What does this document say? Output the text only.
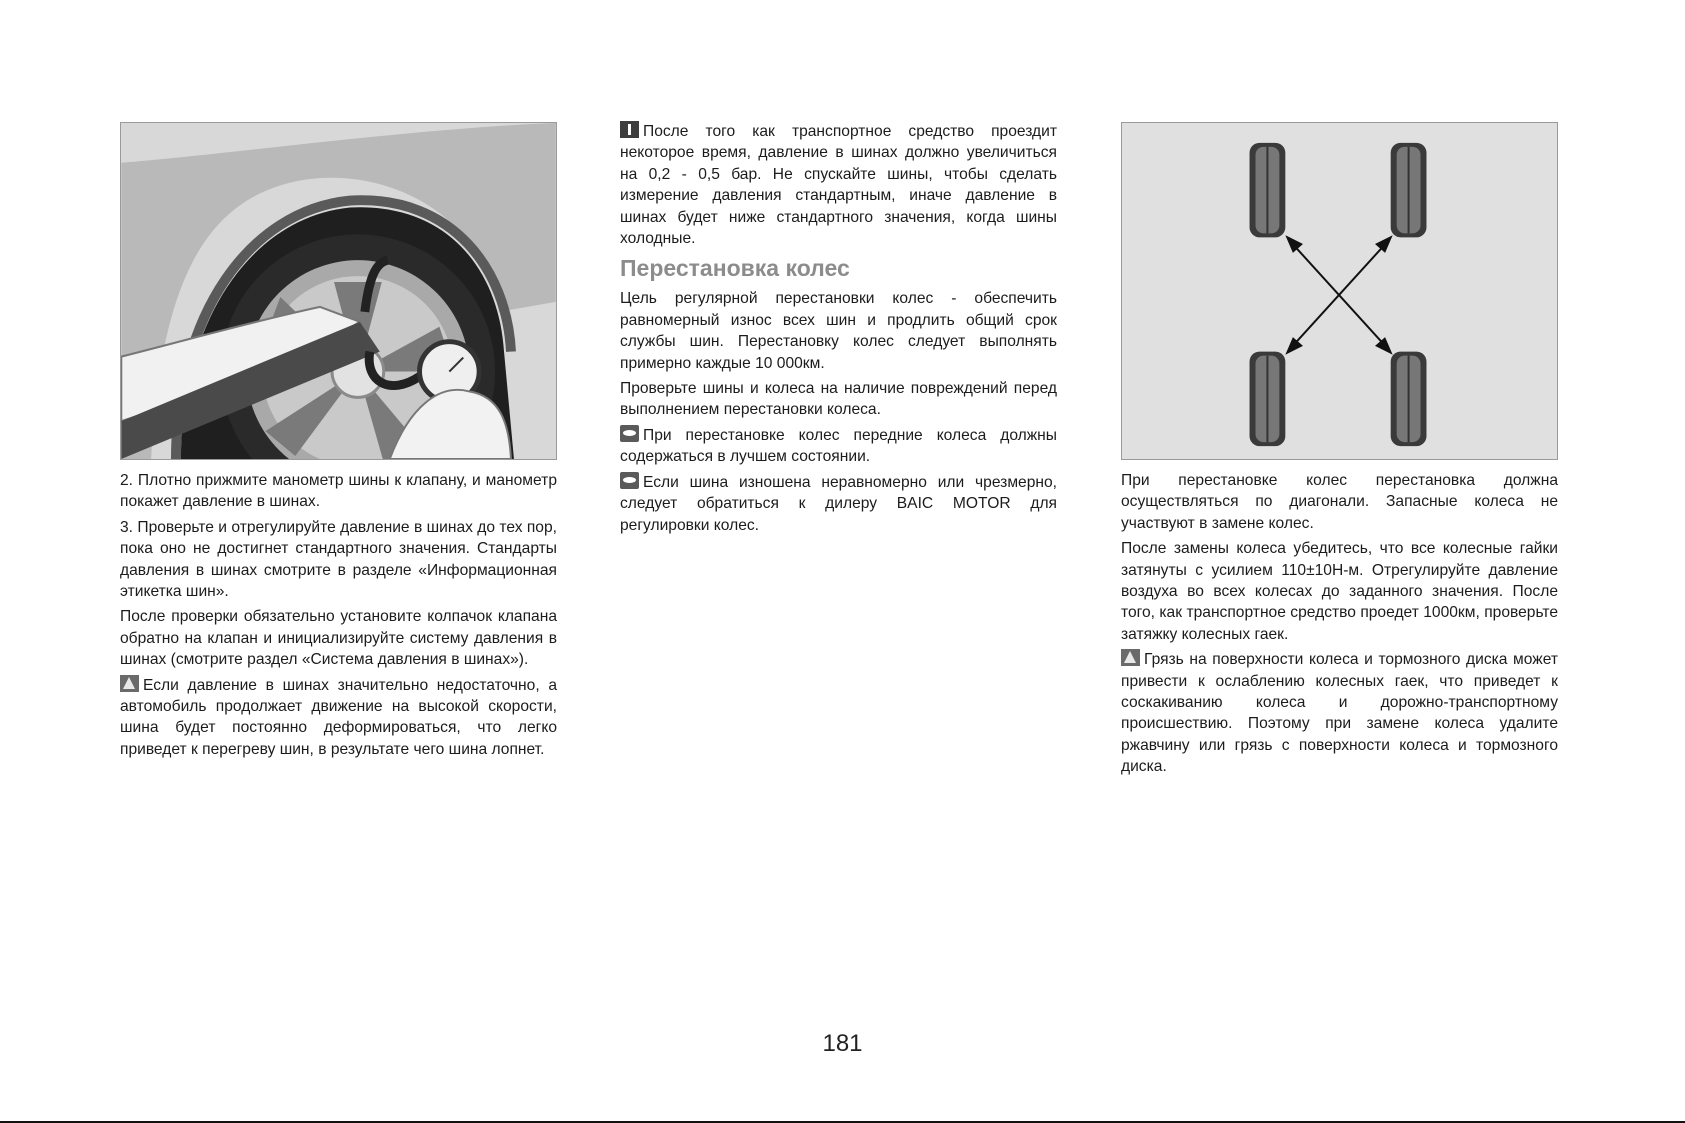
2. Плотно прижмите манометр шины к клапану, и манометр покажет давление в шинах.

3. Проверьте и отрегулируйте давление в шинах до тех пор, пока оно не достигнет стандартного значения. Стандарты давления в шинах смотрите в разделе «Информационная этикетка шин».

После проверки обязательно установите колпачок клапана обратно на клапан и инициализируйте систему давления в шинах (смотрите раздел «Система давления в шинах»).

Если давление в шинах значительно недостаточно, а автомобиль продолжает движение на высокой скорости, шина будет постоянно деформироваться, что легко приведет к перегреву шин, в результате чего шина лопнет.

После того как транспортное средство проездит некоторое время, давление в шинах должно увеличиться на 0,2 - 0,5 бар. Не спускайте шины, чтобы сделать измерение давления стандартным, иначе давление в шинах будет ниже стандартного значения, когда шины холодные.

Перестановка колес

Цель регулярной перестановки колес - обеспечить равномерный износ всех шин и продлить общий срок службы шин. Перестановку колес следует выполнять примерно каждые 10 000км.

Проверьте шины и колеса на наличие повреждений перед выполнением перестановки колеса.

При перестановке колес передние колеса должны содержаться в лучшем состоянии.

Если шина изношена неравномерно или чрезмерно, следует обратиться к дилеру BAIC MOTOR для регулировки колес.

При перестановке колес перестановка должна осуществляться по диагонали. Запасные колеса не участвуют в замене колес.

После замены колеса убедитесь, что все колесные гайки затянуты с усилием 110±10Н-м. Отрегулируйте давление воздуха во всех колесах до заданного значения. После того, как транспортное средство проедет 1000км, проверьте затяжку колесных гаек.

Грязь на поверхности колеса и тормозного диска может привести к ослаблению колесных гаек, что приведет к соскакиванию колеса и дорожно-транспортному происшествию. Поэтому при замене колеса удалите ржавчину или грязь с поверхности колеса и тормозного диска.

181
